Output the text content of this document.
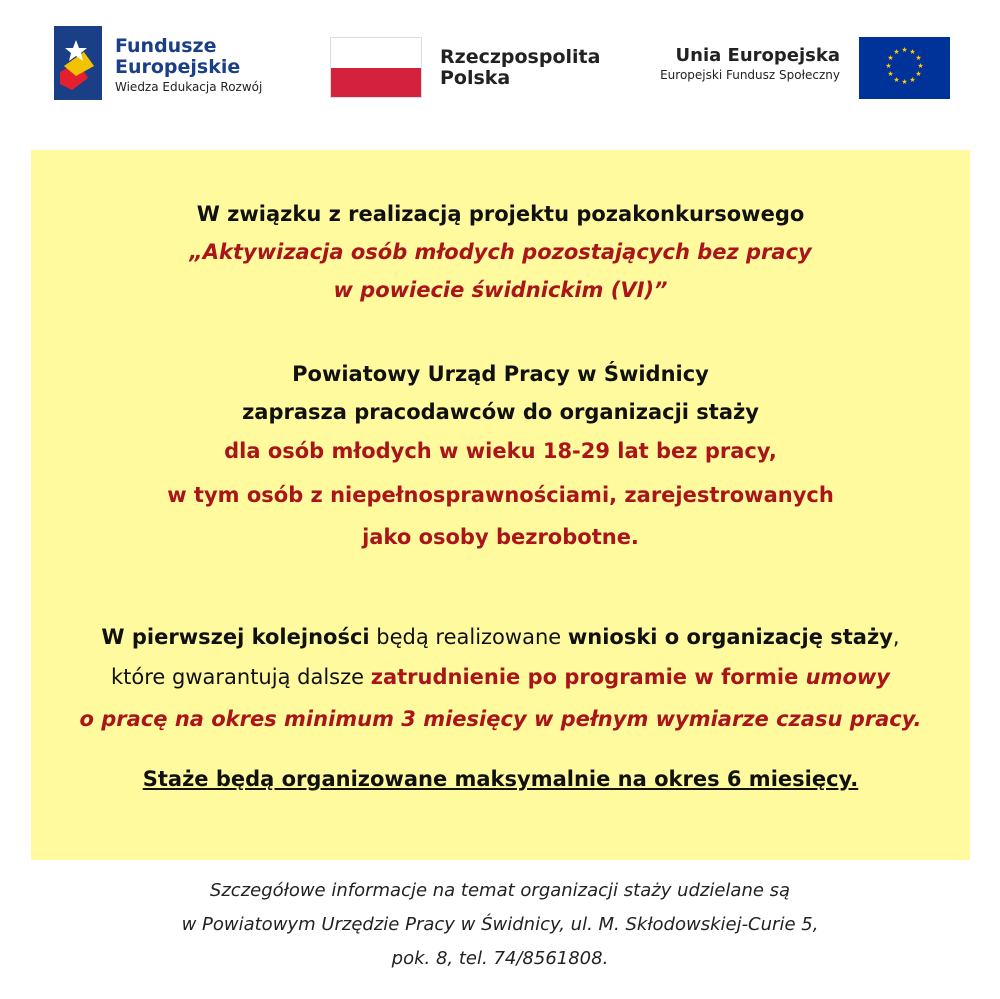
Fundusze
Europejskie
Wiedza Edukacja Rozwój
Rzeczpospolita
Polska
Unia Europejska
Europejski Fundusz Społeczny
★ ★
★
★
★
★
★
★
★
★
★
★
W związku z realizacją projektu pozakonkursowego
„Aktywizacja osób młodych pozostających bez pracy
w powiecie świdnickim (VI)”
Powiatowy Urząd Pracy w Świdnicy
zaprasza pracodawców do organizacji staży
dla osób młodych w wieku 18-29 lat bez pracy,
w tym osób z niepełnosprawnościami, zarejestrowanych
jako osoby bezrobotne.
W pierwszej kolejności będą realizowane wnioski o organizację staży,
które gwarantują dalsze zatrudnienie po programie w formie umowy
o pracę na okres minimum 3 miesięcy w pełnym wymiarze czasu pracy.
Staże będą organizowane maksymalnie na okres 6 miesięcy.
Szczegółowe informacje na temat organizacji staży udzielane są
w Powiatowym Urzędzie Pracy w Świdnicy, ul. M. Skłodowskiej-Curie 5,
pok. 8, tel. 74/8561808.
